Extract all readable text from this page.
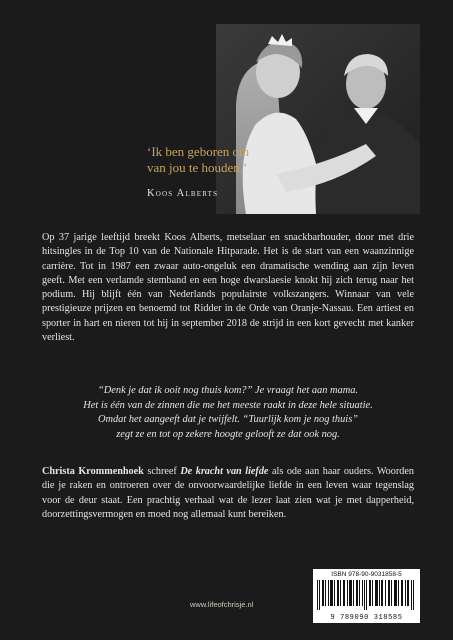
‘Ik ben geboren om

van jou te houden.’

Koos Alberts

Op 37 jarige leeftijd breekt Koos Alberts, metselaar en snackbarhouder, door met drie hitsingles in de Top 10 van de Nationale Hitparade. Het is de start van een waanzinnige carrière. Tot in 1987 een zwaar auto-ongeluk een dramatische wending aan zijn leven geeft. Met een verlamde stemband en een hoge dwarslaesie knokt hij zich terug naar het podium. Hij blijft één van Nederlands populairste volkszangers. Winnaar van vele prestigieuze prijzen en benoemd tot Ridder in de Orde van Oranje-Nassau. Een artiest en sporter in hart en nieren tot hij in september 2018 de strijd in een kort gevecht met kanker verliest.

“Denk je dat ik ooit nog thuis kom?” Je vraagt het aan mama.
Het is één van de zinnen die me het meeste raakt in deze hele situatie.
Omdat het aangeeft dat je twijfelt. “Tuurlijk kom je nog thuis”
zegt ze en tot op zekere hoogte gelooft ze dat ook nog.

Christa Krommenhoek schreef De kracht van liefde als ode aan haar ouders. Woorden die je raken en ontroeren over de onvoorwaardelijke liefde in een leven waar tegenslag voor de deur staat. Een prachtig verhaal wat de lezer laat zien wat je met dapperheid, doorzettingsvermogen en moed nog allemaal kunt bereiken.

ISBN 978-90-9031858-5
9 789090 318585
www.lifeofchrisje.nl
